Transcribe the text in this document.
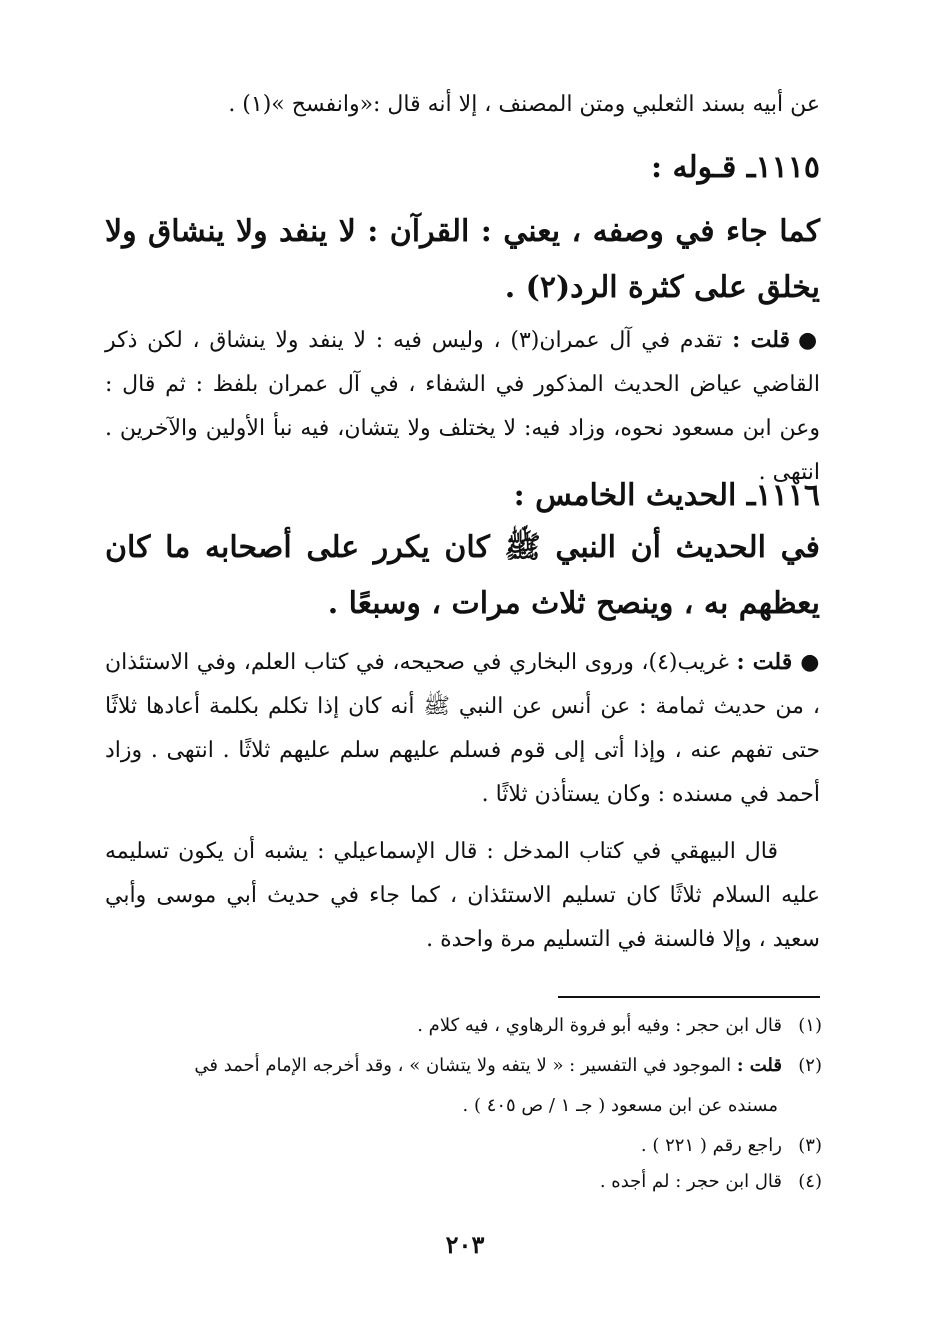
عن أبيه بسند الثعلبي ومتن المصنف ، إلا أنه قال :«وانفسح »(١) .
١١١٥ـ قـوله :
كما جاء في وصفه ، يعني : القرآن : لا ينفد ولا ينشاق ولا يخلق على كثرة الرد(٢) .
●قلت : تقدم في آل عمران(٣) ، وليس فيه : لا ينفد ولا ينشاق ، لكن ذكر القاضي عياض الحديث المذكور في الشفاء ، في آل عمران بلفظ : ثم قال : وعن ابن مسعود نحوه، وزاد فيه: لا يختلف ولا يتشان، فيه نبأ الأولين والآخرين . انتهى .
١١١٦ـ الحديث الخامس :
في الحديث أن النبي ﷺ كان يكرر على أصحابه ما كان يعظهم به ، وينصح ثلاث مرات ، وسبعًا .
●قلت : غريب(٤)، وروى البخاري في صحيحه، في كتاب العلم، وفي الاستئذان ، من حديث ثمامة : عن أنس عن النبي ﷺ أنه كان إذا تكلم بكلمة أعادها ثلاثًا حتى تفهم عنه ، وإذا أتى إلى قوم فسلم عليهم سلم عليهم ثلاثًا . انتهى . وزاد أحمد في مسنده : وكان يستأذن ثلاثًا .
قال البيهقي في كتاب المدخل : قال الإسماعيلي : يشبه أن يكون تسليمه عليه السلام ثلاثًا كان تسليم الاستئذان ، كما جاء في حديث أبي موسى وأبي سعيد ، وإلا فالسنة في التسليم مرة واحدة .
(١)قال ابن حجر : وفيه أبو فروة الرهاوي ، فيه كلام .
(٢)قلت : الموجود في التفسير : « لا يتفه ولا يتشان » ، وقد أخرجه الإمام أحمد في
مسنده عن ابن مسعود ( جـ ١ / ص ٤٠٥ ) .
(٣)راجع رقم ( ٢٢١ ) .
(٤)قال ابن حجر : لم أجده .
٢٠٣
